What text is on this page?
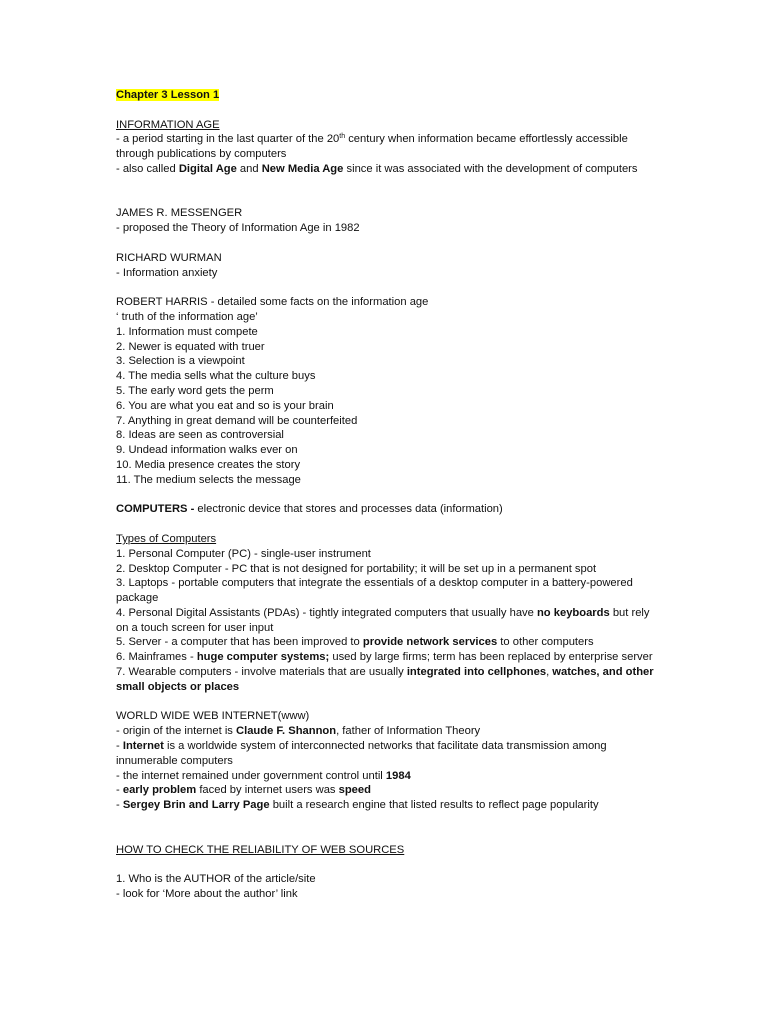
Chapter 3 Lesson 1
INFORMATION AGE
- a period starting in the last quarter of the 20th century when information became effortlessly accessible through publications by computers
- also called Digital Age and New Media Age since it was associated with the development of computers
JAMES R. MESSENGER
- proposed the Theory of Information Age in 1982
RICHARD WURMAN
- Information anxiety
ROBERT HARRIS - detailed some facts on the information age
‘ truth of the information age’
1. Information must compete
2. Newer is equated with truer
3. Selection is a viewpoint
4. The media sells what the culture buys
5. The early word gets the perm
6. You are what you eat and so is your brain
7. Anything in great demand will be counterfeited
8. Ideas are seen as controversial
9. Undead information walks ever on
10. Media presence creates the story
11. The medium selects the message
COMPUTERS - electronic device that stores and processes data (information)
Types of Computers
1. Personal Computer (PC) - single-user instrument
2. Desktop Computer - PC that is not designed for portability; it will be set up in a permanent spot
3. Laptops - portable computers that integrate the essentials of a desktop computer in a battery-powered package
4. Personal Digital Assistants (PDAs) - tightly integrated computers that usually have no keyboards but rely on a touch screen for user input
5. Server - a computer that has been improved to provide network services to other computers
6. Mainframes - huge computer systems; used by large firms; term has been replaced by enterprise server
7. Wearable computers - involve materials that are usually integrated into cellphones, watches, and other small objects or places
WORLD WIDE WEB INTERNET(www)
- origin of the internet is Claude F. Shannon, father of Information Theory
- Internet is a worldwide system of interconnected networks that facilitate data transmission among innumerable computers
- the internet remained under government control until 1984
- early problem faced by internet users was speed
- Sergey Brin and Larry Page built a research engine that listed results to reflect page popularity
HOW TO CHECK THE RELIABILITY OF WEB SOURCES
1. Who is the AUTHOR of the article/site
- look for ‘More about the author’ link
